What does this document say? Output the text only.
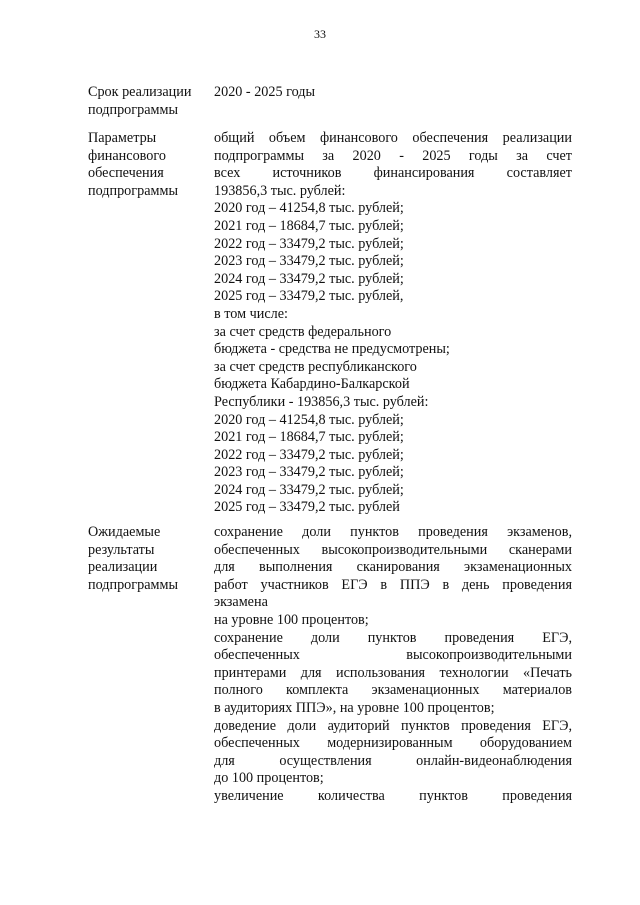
33
Срок реализации
подпрограммы
2020 - 2025 годы
Параметры
финансового
обеспечения
подпрограммы
общий объем финансового обеспечения реализации
подпрограммы за 2020 - 2025 годы за счет
всех источников финансирования составляет
193856,3 тыс. рублей:
2020 год – 41254,8 тыс. рублей;
2021 год – 18684,7 тыс. рублей;
2022 год – 33479,2 тыс. рублей;
2023 год – 33479,2 тыс. рублей;
2024 год – 33479,2 тыс. рублей;
2025 год – 33479,2 тыс. рублей,
в том числе:
за счет средств федерального
бюджета - средства не предусмотрены;
за счет средств республиканского
бюджета Кабардино-Балкарской
Республики - 193856,3 тыс. рублей:
2020 год – 41254,8 тыс. рублей;
2021 год – 18684,7 тыс. рублей;
2022 год – 33479,2 тыс. рублей;
2023 год – 33479,2 тыс. рублей;
2024 год – 33479,2 тыс. рублей;
2025 год – 33479,2 тыс. рублей
Ожидаемые
результаты
реализации
подпрограммы
сохранение доли пунктов проведения экзаменов,
обеспеченных высокопроизводительными сканерами
для выполнения сканирования экзаменационных
работ участников ЕГЭ в ППЭ в день проведения
экзамена
на уровне 100 процентов;
сохранение доли пунктов проведения ЕГЭ,
обеспеченных высокопроизводительными
принтерами для использования технологии «Печать
полного комплекта экзаменационных материалов
в аудиториях ППЭ», на уровне 100 процентов;
доведение доли аудиторий пунктов проведения ЕГЭ,
обеспеченных модернизированным оборудованием
для осуществления онлайн-видеонаблюдения
до 100 процентов;
увеличение количества пунктов проведения
